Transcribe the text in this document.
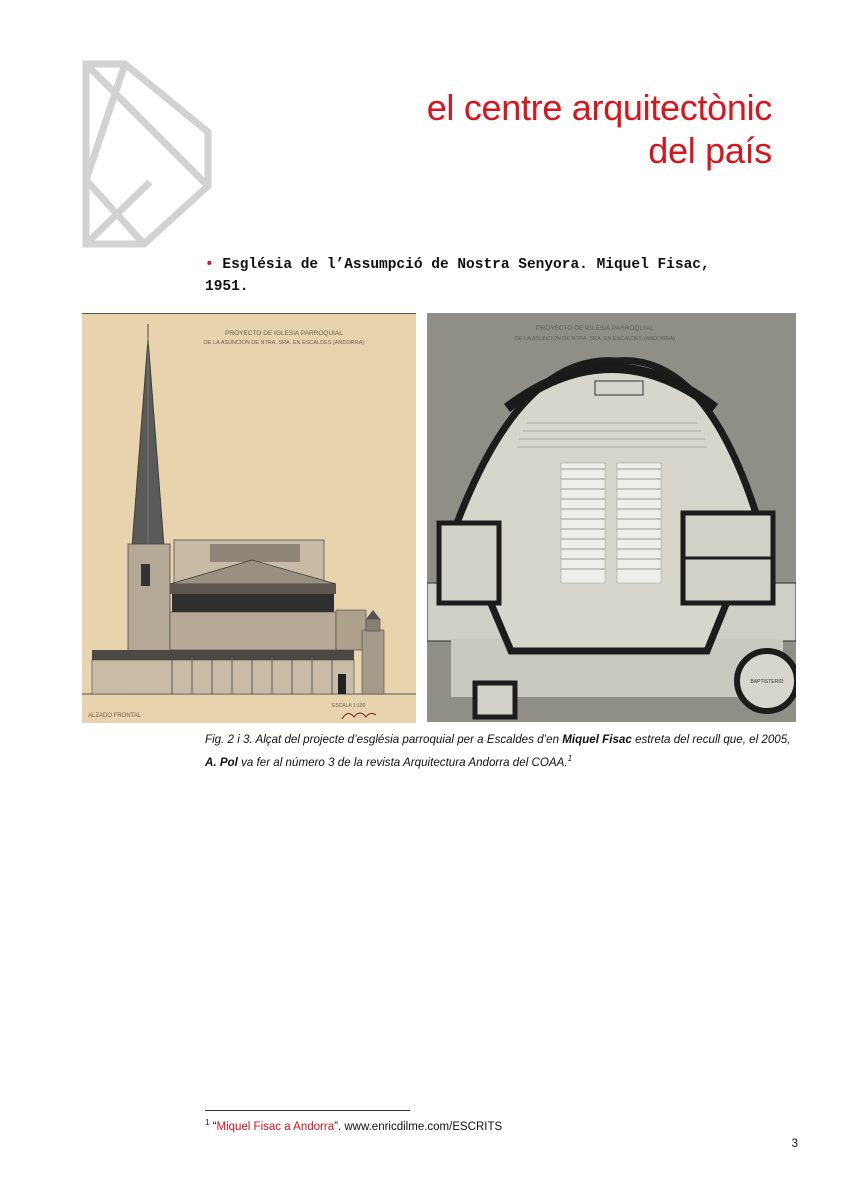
el centre arquitectònic
del país
• Església de l’Assumpció de Nostra Senyora. Miquel Fisac,
1951.
PROYECTO DE IGLESIA PARROQUIAL
DE LA ASUNCION DE NTRA. SRA. EN ESCALDES (ANDORRA)
ALZADO FRONTAL
ESCALA 1:100
PROYECTO DE IGLESIA PARROQUIAL
DE LA ASUNCION DE NTRA. SRA. EN ESCALDES (ANDORRA)
BAPTISTERIO
Fig. 2 i 3. Alçat del projecte d’església parroquial per a Escaldes d’en Miquel Fisac estreta del recull que, el 2005, A. Pol va fer al número 3 de la revista Arquitectura Andorra del COAA.$^1$
$^1$ “Miquel Fisac a Andorra”. www.enricdilme.com/ESCRITS
3
